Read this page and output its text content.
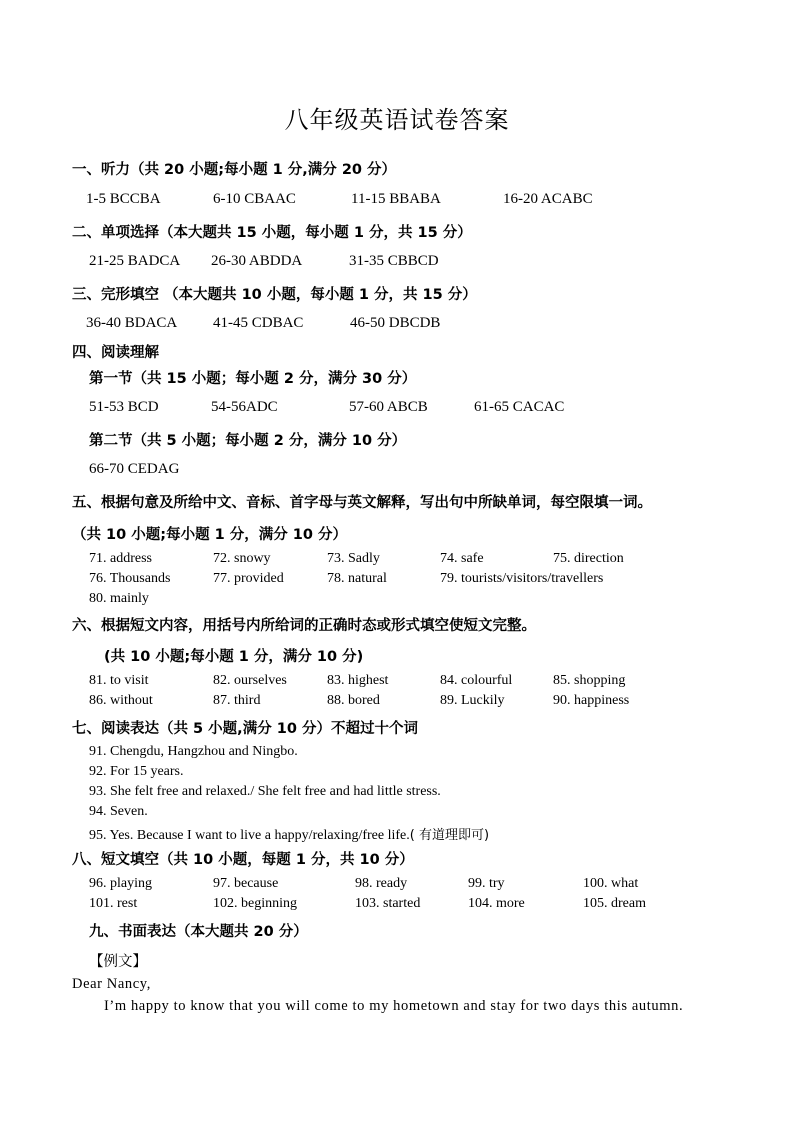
八年级英语试卷答案
一、听力（共 20 小题;每小题 1 分,满分 20 分）
1-5 BCCBA	6-10 CBAAC	11-15 BBABA	16-20 ACABC
二、单项选择（本大题共 15 小题，每小题 1 分，共 15 分）
21-25 BADCA 26-30 ABDDA	31-35 CBBCD
三、完形填空 （本大题共 10 小题，每小题 1 分，共 15 分）
36-40 BDACA 41-45 CDBAC	46-50 DBCDB
四、阅读理解
第一节（共 15 小题；每小题 2 分，满分 30 分）
51-53 BCD	54-56ADC	57-60 ABCB	61-65 CACAC
第二节（共 5 小题；每小题 2 分，满分 10 分）
66-70 CEDAG
五、根据句意及所给中文、音标、首字母与英文解释，写出句中所缺单词，每空限填一词。
（共 10 小题;每小题 1 分，满分 10 分）
71. address	72. snowy	73. Sadly	74. safe	75. direction
76. Thousands	77. provided	78. natural	79. tourists/visitors/travellers
80. mainly
六、根据短文内容，用括号内所给词的正确时态或形式填空使短文完整。
(共 10 小题;每小题 1 分，满分 10 分)
81. to visit	82. ourselves	83. highest	84. colourful	85. shopping
86. without	87. third	88. bored	89. Luckily	90. happiness
七、阅读表达（共 5 小题,满分 10 分）不超过十个词
91. Chengdu, Hangzhou and Ningbo.
92. For 15 years.
93. She felt free and relaxed./ She felt free and had little stress.
94. Seven.
95. Yes. Because I want to live a happy/relaxing/free life.( 有道理即可)
八、短文填空（共 10 小题，每题 1 分，共 10 分）
96. playing	97. because	98. ready	99. try	100. what
101. rest	102. beginning	103. started	104. more	105. dream
九、书面表达（本大题共 20 分）
【例文】
Dear Nancy,
I’m happy to know that you will come to my hometown and stay for two days this autumn.
